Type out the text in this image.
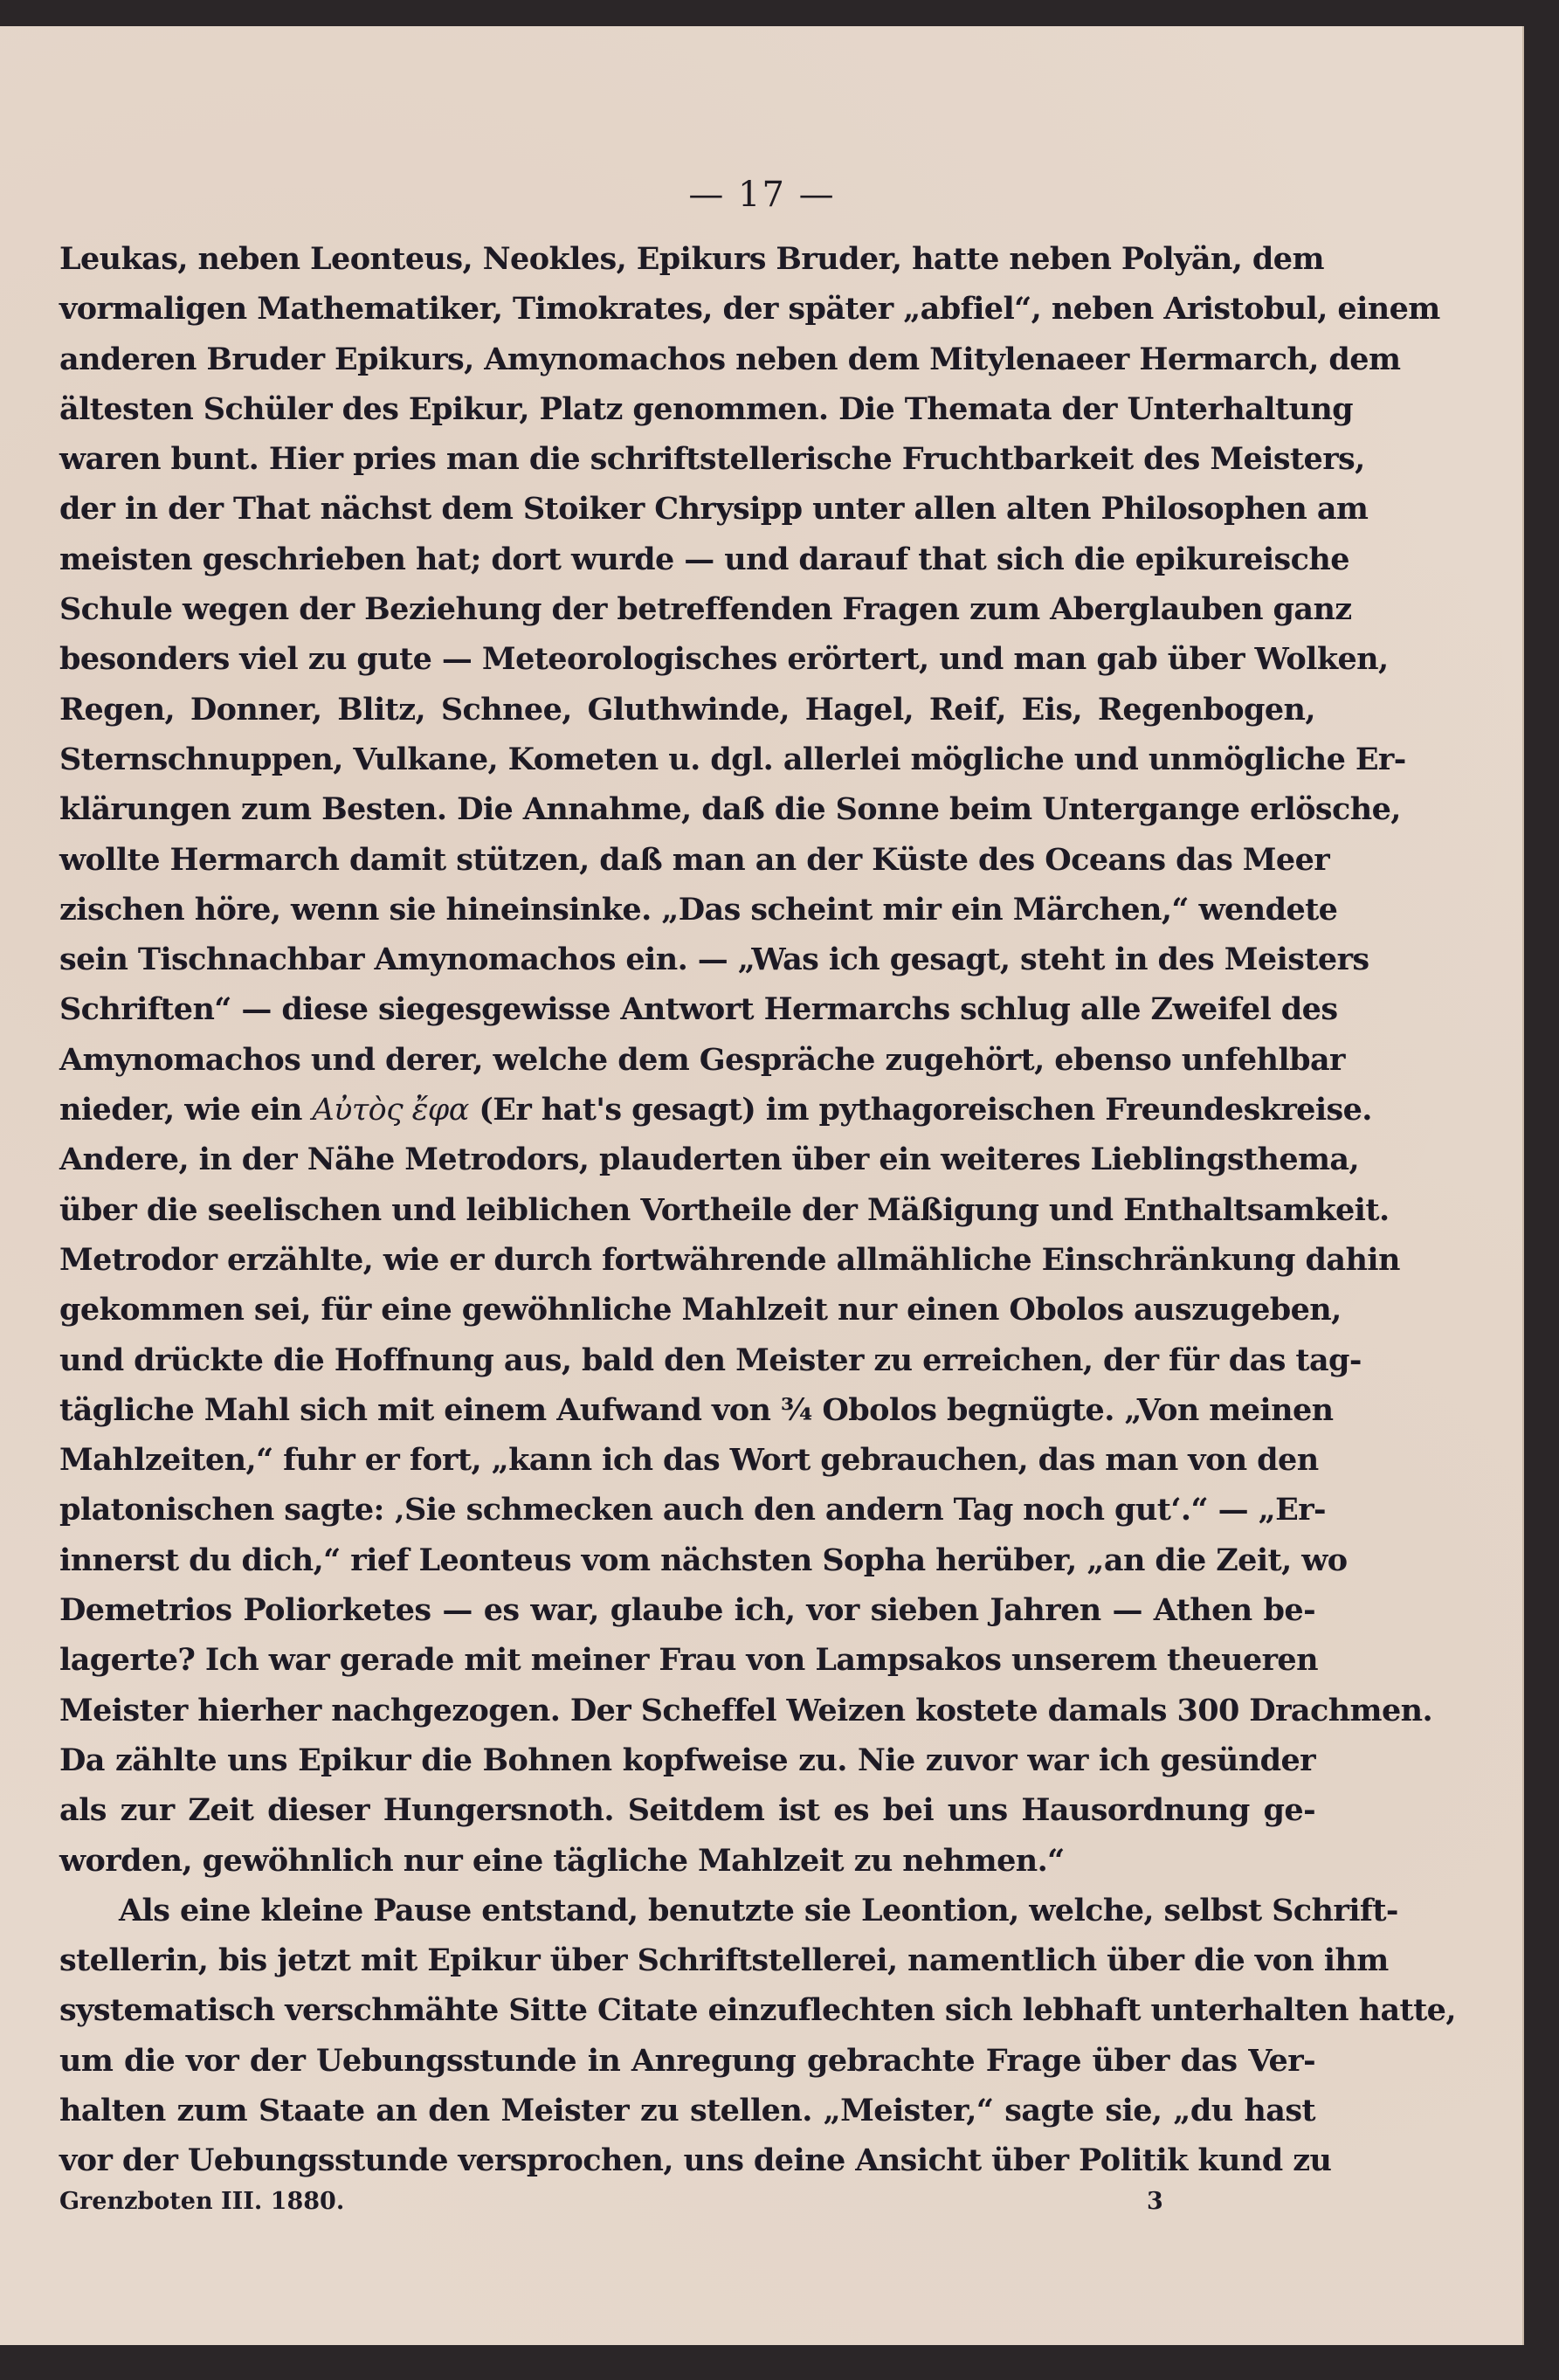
— 17 —
Leukas, neben Leonteus, Neokles, Epikurs Bruder, hatte neben Polyän, dem
vormaligen Mathematiker, Timokrates, der später „abfiel“, neben Aristobul, einem
anderen Bruder Epikurs, Amynomachos neben dem Mitylenaeer Hermarch, dem
ältesten Schüler des Epikur, Platz genommen. Die Themata der Unterhaltung
waren bunt. Hier pries man die schriftstellerische Fruchtbarkeit des Meisters,
der in der That nächst dem Stoiker Chrysipp unter allen alten Philosophen am
meisten geschrieben hat; dort wurde — und darauf that sich die epikureische
Schule wegen der Beziehung der betreffenden Fragen zum Aberglauben ganz
besonders viel zu gute — Meteorologisches erörtert, und man gab über Wolken,
Regen, Donner, Blitz, Schnee, Gluthwinde, Hagel, Reif, Eis, Regenbogen,
Sternschnuppen, Vulkane, Kometen u. dgl. allerlei mögliche und unmögliche Er-
klärungen zum Besten. Die Annahme, daß die Sonne beim Untergange erlösche,
wollte Hermarch damit stützen, daß man an der Küste des Oceans das Meer
zischen höre, wenn sie hineinsinke. „Das scheint mir ein Märchen,“ wendete
sein Tischnachbar Amynomachos ein. — „Was ich gesagt, steht in des Meisters
Schriften“ — diese siegesgewisse Antwort Hermarchs schlug alle Zweifel des
Amynomachos und derer, welche dem Gespräche zugehört, ebenso unfehlbar
nieder, wie ein Αὐτὸς ἔφα (Er hat's gesagt) im pythagoreischen Freundeskreise.
Andere, in der Nähe Metrodors, plauderten über ein weiteres Lieblingsthema,
über die seelischen und leiblichen Vortheile der Mäßigung und Enthaltsamkeit.
Metrodor erzählte, wie er durch fortwährende allmähliche Einschränkung dahin
gekommen sei, für eine gewöhnliche Mahlzeit nur einen Obolos auszugeben,
und drückte die Hoffnung aus, bald den Meister zu erreichen, der für das tag-
tägliche Mahl sich mit einem Aufwand von ¾ Obolos begnügte. „Von meinen
Mahlzeiten,“ fuhr er fort, „kann ich das Wort gebrauchen, das man von den
platonischen sagte: ‚Sie schmecken auch den andern Tag noch gut‘.“ — „Er-
innerst du dich,“ rief Leonteus vom nächsten Sopha herüber, „an die Zeit, wo
Demetrios Poliorketes — es war, glaube ich, vor sieben Jahren — Athen be-
lagerte? Ich war gerade mit meiner Frau von Lampsakos unserem theueren
Meister hierher nachgezogen. Der Scheffel Weizen kostete damals 300 Drachmen.
Da zählte uns Epikur die Bohnen kopfweise zu. Nie zuvor war ich gesünder
als zur Zeit dieser Hungersnoth. Seitdem ist es bei uns Hausordnung ge-
worden, gewöhnlich nur eine tägliche Mahlzeit zu nehmen.“
Als eine kleine Pause entstand, benutzte sie Leontion, welche, selbst Schrift-
stellerin, bis jetzt mit Epikur über Schriftstellerei, namentlich über die von ihm
systematisch verschmähte Sitte Citate einzuflechten sich lebhaft unterhalten hatte,
um die vor der Uebungsstunde in Anregung gebrachte Frage über das Ver-
halten zum Staate an den Meister zu stellen. „Meister,“ sagte sie, „du hast
vor der Uebungsstunde versprochen, uns deine Ansicht über Politik kund zu
Grenzboten III. 1880.	3
